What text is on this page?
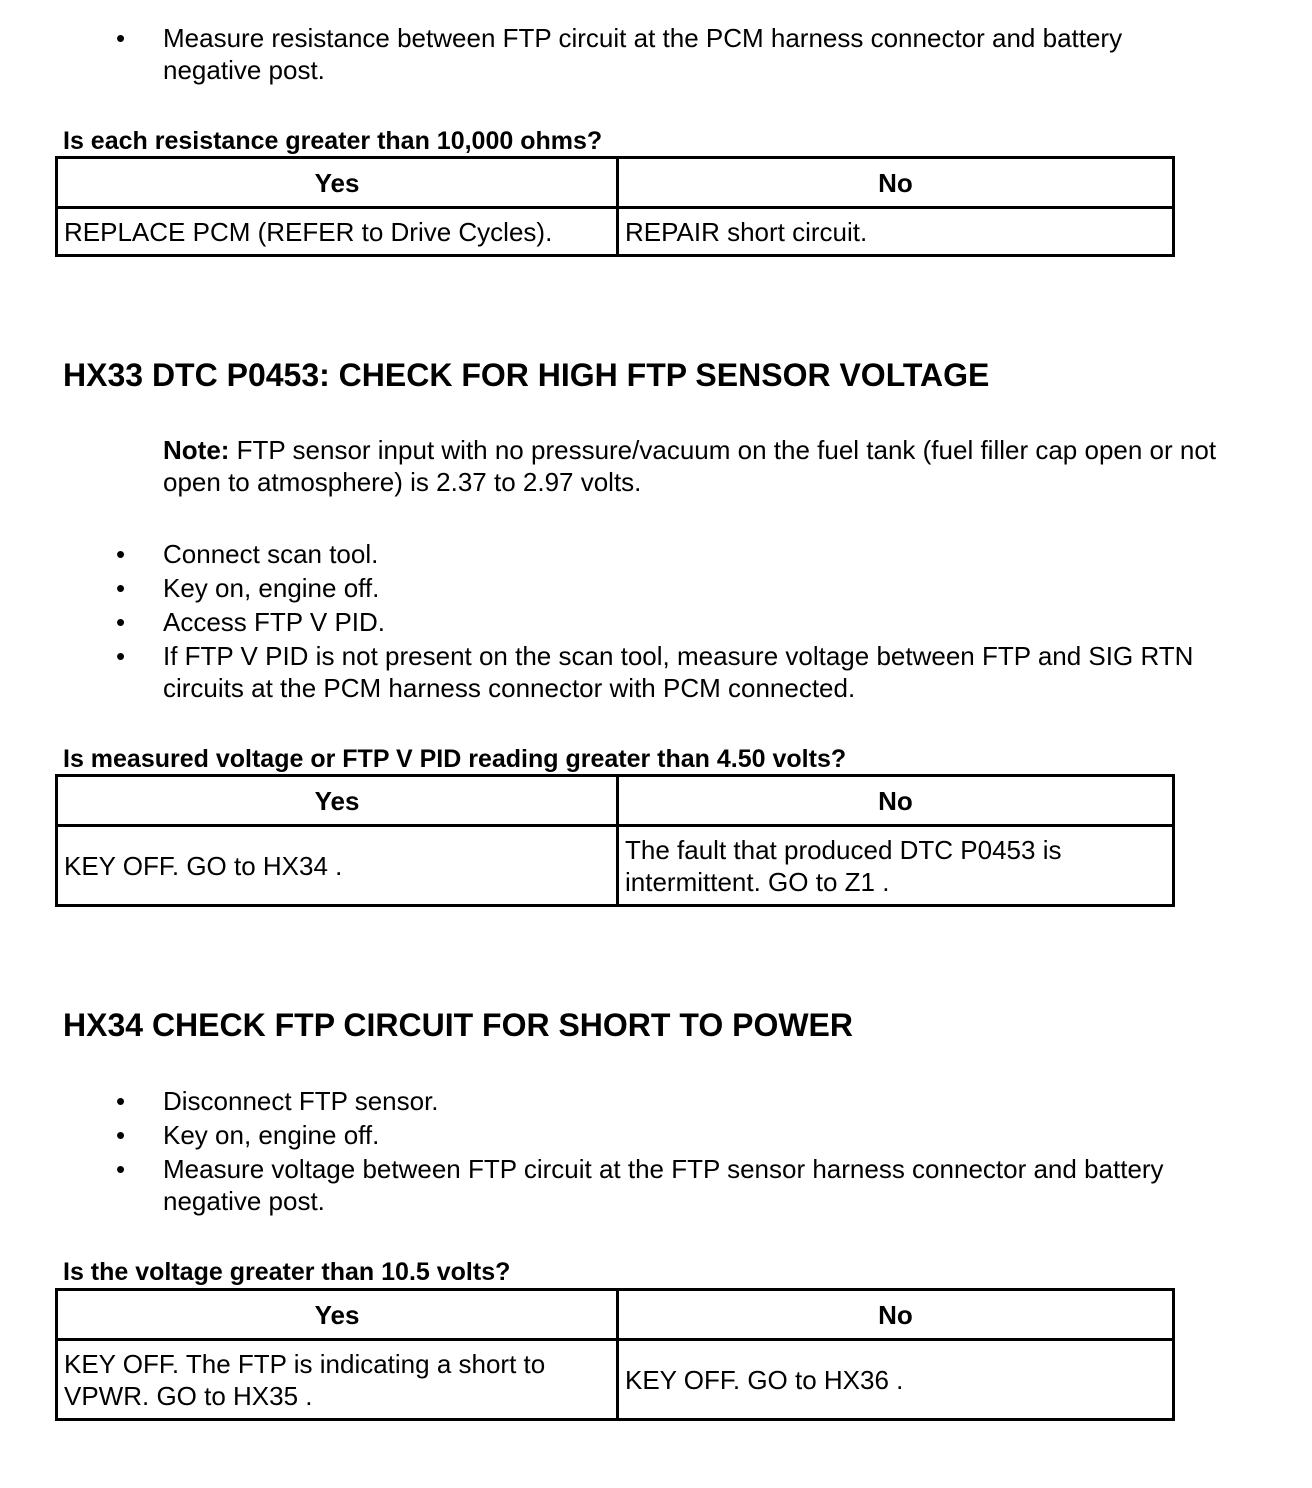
• Measure resistance between FTP circuit at the PCM harness connector and battery negative post.
Is each resistance greater than 10,000 ohms?
Yes	No
REPLACE PCM (REFER to Drive Cycles).	REPAIR short circuit.
HX33 DTC P0453: CHECK FOR HIGH FTP SENSOR VOLTAGE
Note: FTP sensor input with no pressure/vacuum on the fuel tank (fuel filler cap open or not open to atmosphere) is 2.37 to 2.97 volts.
• Connect scan tool.
• Key on, engine off.
• Access FTP V PID.
• If FTP V PID is not present on the scan tool, measure voltage between FTP and SIG RTN circuits at the PCM harness connector with PCM connected.
Is measured voltage or FTP V PID reading greater than 4.50 volts?
Yes	No
KEY OFF. GO to HX34 .	The fault that produced DTC P0453 is intermittent. GO to Z1 .
HX34 CHECK FTP CIRCUIT FOR SHORT TO POWER
• Disconnect FTP sensor.
• Key on, engine off.
• Measure voltage between FTP circuit at the FTP sensor harness connector and battery negative post.
Is the voltage greater than 10.5 volts?
Yes	No
KEY OFF. The FTP is indicating a short to VPWR. GO to HX35 .	KEY OFF. GO to HX36 .
